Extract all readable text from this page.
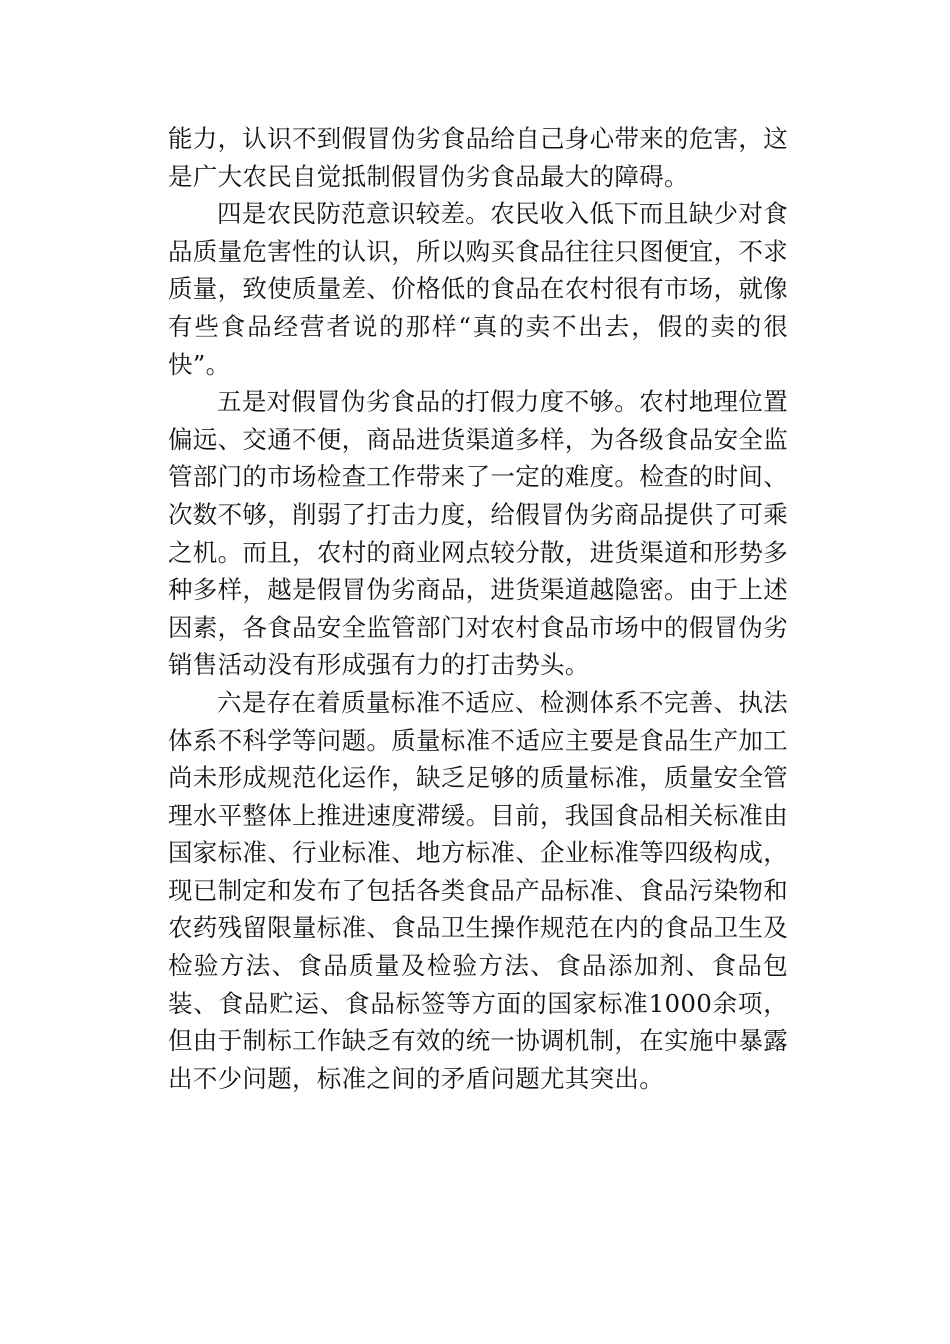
能力，认识不到假冒伪劣食品给自己身心带来的危害，这是广大农民自觉抵制假冒伪劣食品最大的障碍。

四是农民防范意识较差。农民收入低下而且缺少对食品质量危害性的认识，所以购买食品往往只图便宜，不求质量，致使质量差、价格低的食品在农村很有市场，就像有些食品经营者说的那样“真的卖不出去，假的卖的很快”。

五是对假冒伪劣食品的打假力度不够。农村地理位置偏远、交通不便，商品进货渠道多样，为各级食品安全监管部门的市场检查工作带来了一定的难度。检查的时间、次数不够，削弱了打击力度，给假冒伪劣商品提供了可乘之机。而且，农村的商业网点较分散，进货渠道和形势多种多样，越是假冒伪劣商品，进货渠道越隐密。由于上述因素，各食品安全监管部门对农村食品市场中的假冒伪劣销售活动没有形成强有力的打击势头。

六是存在着质量标准不适应、检测体系不完善、执法体系不科学等问题。质量标准不适应主要是食品生产加工尚未形成规范化运作，缺乏足够的质量标准，质量安全管理水平整体上推进速度滞缓。目前，我国食品相关标准由国家标准、行业标准、地方标准、企业标准等四级构成，现已制定和发布了包括各类食品产品标准、食品污染物和农药残留限量标准、食品卫生操作规范在内的食品卫生及检验方法、食品质量及检验方法、食品添加剂、食品包装、食品贮运、食品标签等方面的国家标准1000余项，但由于制标工作缺乏有效的统一协调机制，在实施中暴露出不少问题，标准之间的矛盾问题尤其突出。
